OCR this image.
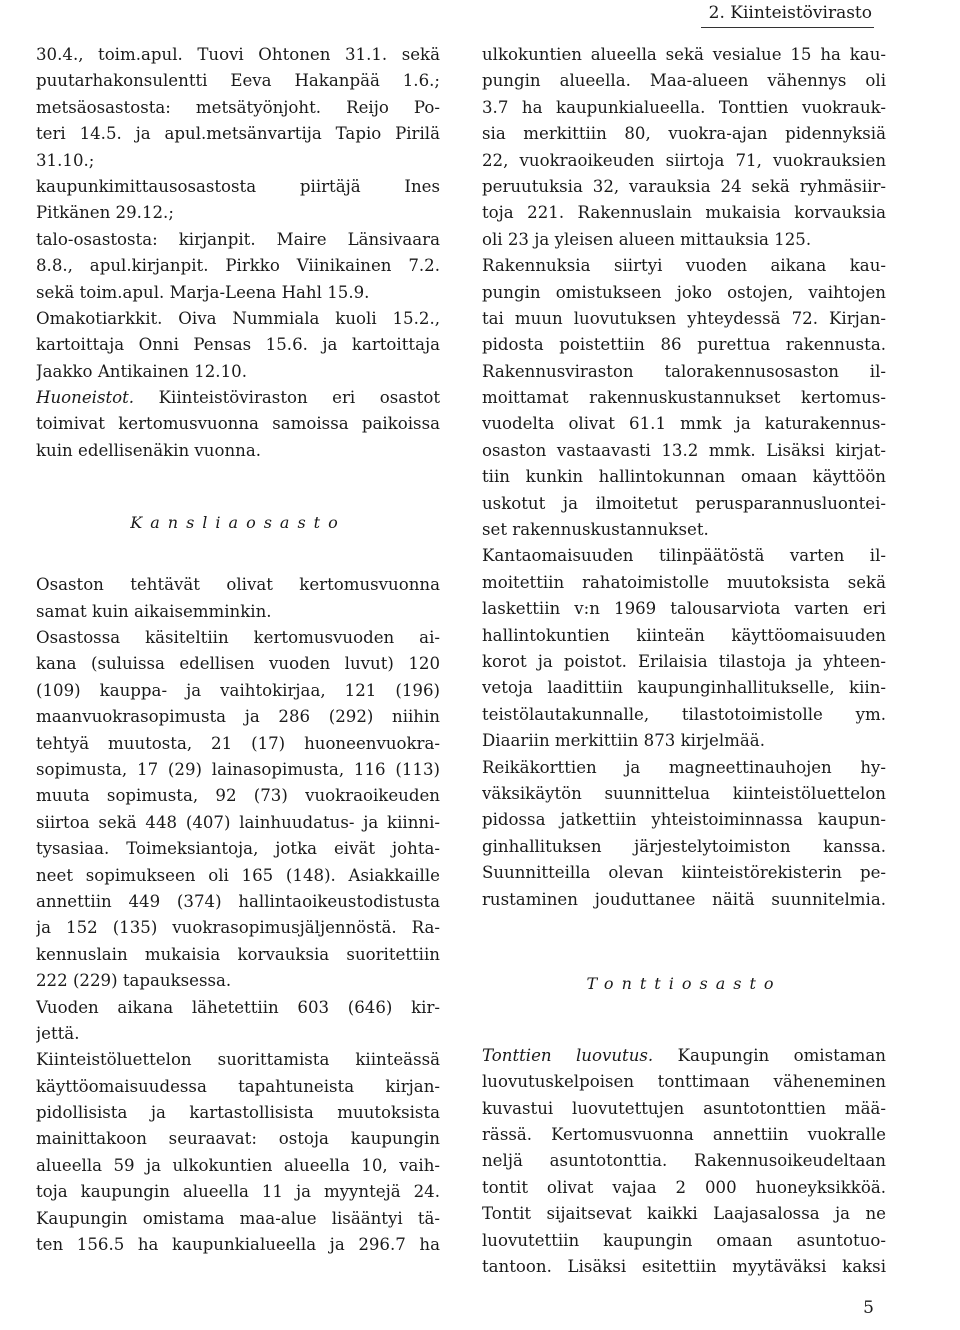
2. Kiinteistövirasto
30.4., toim.apul. Tuovi Ohtonen 31.1. sekä
puutarhakonsulentti Eeva Hakanpää 1.6.;
metsäosastosta: metsätyönjoht. Reijo Po-
teri 14.5. ja apul.metsänvartija Tapio Pirilä
31.10.;
kaupunkimittausosastosta piirtäjä Ines
Pitkänen 29.12.;
talo-osastosta: kirjanpit. Maire Länsivaara
8.8., apul.kirjanpit. Pirkko Viinikainen 7.2.
sekä toim.apul. Marja-Leena Hahl 15.9.
Omakotiarkkit. Oiva Nummiala kuoli 15.2.,
kartoittaja Onni Pensas 15.6. ja kartoittaja
Jaakko Antikainen 12.10.
Huoneistot. Kiinteistöviraston eri osastot
toimivat kertomusvuonna samoissa paikoissa
kuin edellisenäkin vuonna.
Kansliaosasto
Osaston tehtävät olivat kertomusvuonna
samat kuin aikaisemminkin.
Osastossa käsiteltiin kertomusvuoden ai-
kana (suluissa edellisen vuoden luvut) 120
(109) kauppa- ja vaihtokirjaa, 121 (196)
maanvuokrasopimusta ja 286 (292) niihin
tehtyä muutosta, 21 (17) huoneenvuokra-
sopimusta, 17 (29) lainasopimusta, 116 (113)
muuta sopimusta, 92 (73) vuokraoikeuden
siirtoa sekä 448 (407) lainhuudatus- ja kiinni-
tysasiaa. Toimeksiantoja, jotka eivät johta-
neet sopimukseen oli 165 (148). Asiakkaille
annettiin 449 (374) hallintaoikeustodistusta
ja 152 (135) vuokrasopimusjäljennöstä. Ra-
kennuslain mukaisia korvauksia suoritettiin
222 (229) tapauksessa.
Vuoden aikana lähetettiin 603 (646) kir-
jettä.
Kiinteistöluettelon suorittamista kiinteässä
käyttöomaisuudessa tapahtuneista kirjan-
pidollisista ja kartastollisista muutoksista
mainittakoon seuraavat: ostoja kaupungin
alueella 59 ja ulkokuntien alueella 10, vaih-
toja kaupungin alueella 11 ja myyntejä 24.
Kaupungin omistama maa-alue lisääntyi tä-
ten 156.5 ha kaupunkialueella ja 296.7 ha
ulkokuntien alueella sekä vesialue 15 ha kau-
pungin alueella. Maa-alueen vähennys oli
3.7 ha kaupunkialueella. Tonttien vuokrauk-
sia merkittiin 80, vuokra-ajan pidennyksiä
22, vuokraoikeuden siirtoja 71, vuokrauksien
peruutuksia 32, varauksia 24 sekä ryhmäsiir-
toja 221. Rakennuslain mukaisia korvauksia
oli 23 ja yleisen alueen mittauksia 125.
Rakennuksia siirtyi vuoden aikana kau-
pungin omistukseen joko ostojen, vaihtojen
tai muun luovutuksen yhteydessä 72. Kirjan-
pidosta poistettiin 86 purettua rakennusta.
Rakennusviraston talorakennusosaston il-
moittamat rakennuskustannukset kertomus-
vuodelta olivat 61.1 mmk ja katurakennus-
osaston vastaavasti 13.2 mmk. Lisäksi kirjat-
tiin kunkin hallintokunnan omaan käyttöön
uskotut ja ilmoitetut perusparannusluontei-
set rakennuskustannukset.
Kantaomaisuuden tilinpäätöstä varten il-
moitettiin rahatoimistolle muutoksista sekä
laskettiin v:n 1969 talousarviota varten eri
hallintokuntien kiinteän käyttöomaisuuden
korot ja poistot. Erilaisia tilastoja ja yhteen-
vetoja laadittiin kaupunginhallitukselle, kiin-
teistölautakunnalle, tilastotoimistolle ym.
Diaariin merkittiin 873 kirjelmää.
Reikäkorttien ja magneettinauhojen hy-
väksikäytön suunnittelua kiinteistöluettelon
pidossa jatkettiin yhteistoiminnassa kaupun-
ginhallituksen järjestelytoimiston kanssa.
Suunnitteilla olevan kiinteistörekisterin pe-
rustaminen jouduttanee näitä suunnitelmia.
Tonttiosasto
Tonttien luovutus. Kaupungin omistaman
luovutuskelpoisen tonttimaan väheneminen
kuvastui luovutettujen asuntotonttien mää-
rässä. Kertomusvuonna annettiin vuokralle
neljä asuntotonttia. Rakennusoikeudeltaan
tontit olivat vajaa 2 000 huoneyksikköä.
Tontit sijaitsevat kaikki Laajasalossa ja ne
luovutettiin kaupungin omaan asuntotuo-
tantoon. Lisäksi esitettiin myytäväksi kaksi
5
